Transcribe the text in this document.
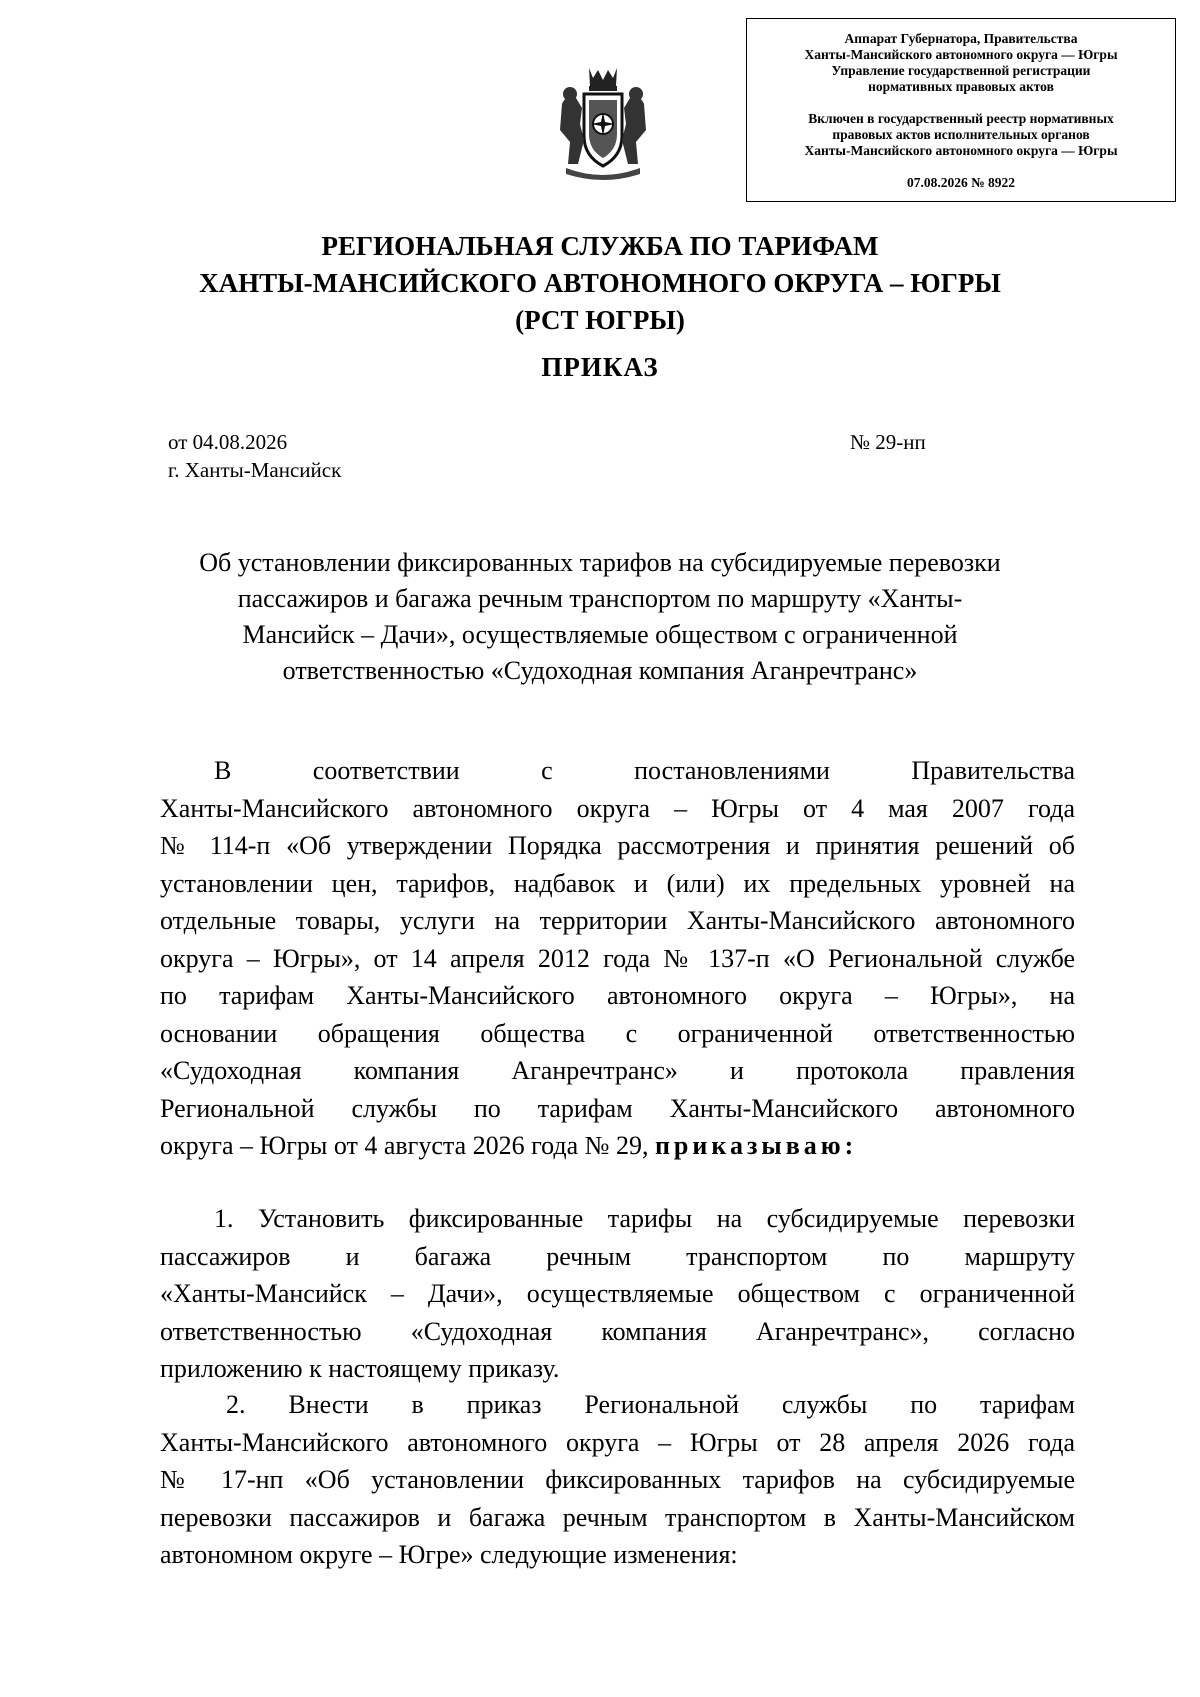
Аппарат Губернатора, Правительства
Ханты-Мансийского автономного округа — Югры
Управление государственной регистрации
нормативных правовых актов
Включен в государственный реестр нормативных
правовых актов исполнительных органов
Ханты-Мансийского автономного округа — Югры
07.08.2026 № 8922
РЕГИОНАЛЬНАЯ СЛУЖБА ПО ТАРИФАМ
ХАНТЫ-МАНСИЙСКОГО АВТОНОМНОГО ОКРУГА – ЮГРЫ
(РСТ ЮГРЫ)
ПРИКАЗ
от 04.08.2026
г. Ханты-Мансийск
№ 29-нп
Об установлении фиксированных тарифов на субсидируемые перевозки
пассажиров и багажа речным транспортом по маршруту «Ханты-
Мансийск – Дачи», осуществляемые обществом с ограниченной
ответственностью «Судоходная компания Аганречтранс»
В соответствии с постановлениями Правительства
Ханты-Мансийского автономного округа – Югры от 4 мая 2007 года
№ 114-п «Об утверждении Порядка рассмотрения и принятия решений об
установлении цен, тарифов, надбавок и (или) их предельных уровней на
отдельные товары, услуги на территории Ханты-Мансийского автономного
округа – Югры», от 14 апреля 2012 года № 137-п «О Региональной службе
по тарифам Ханты-Мансийского автономного округа – Югры», на
основании обращения общества с ограниченной ответственностью
«Судоходная компания Аганречтранс» и протокола правления
Региональной службы по тарифам Ханты-Мансийского автономного
округа – Югры от 4 августа 2026 года № 29, приказываю:
1. Установить фиксированные тарифы на субсидируемые перевозки
пассажиров и багажа речным транспортом по маршруту
«Ханты-Мансийск – Дачи», осуществляемые обществом с ограниченной
ответственностью «Судоходная компания Аганречтранс», согласно
приложению к настоящему приказу.
2. Внести в приказ Региональной службы по тарифам
Ханты-Мансийского автономного округа – Югры от 28 апреля 2026 года
№ 17-нп «Об установлении фиксированных тарифов на субсидируемые
перевозки пассажиров и багажа речным транспортом в Ханты-Мансийском
автономном округе – Югре» следующие изменения:
